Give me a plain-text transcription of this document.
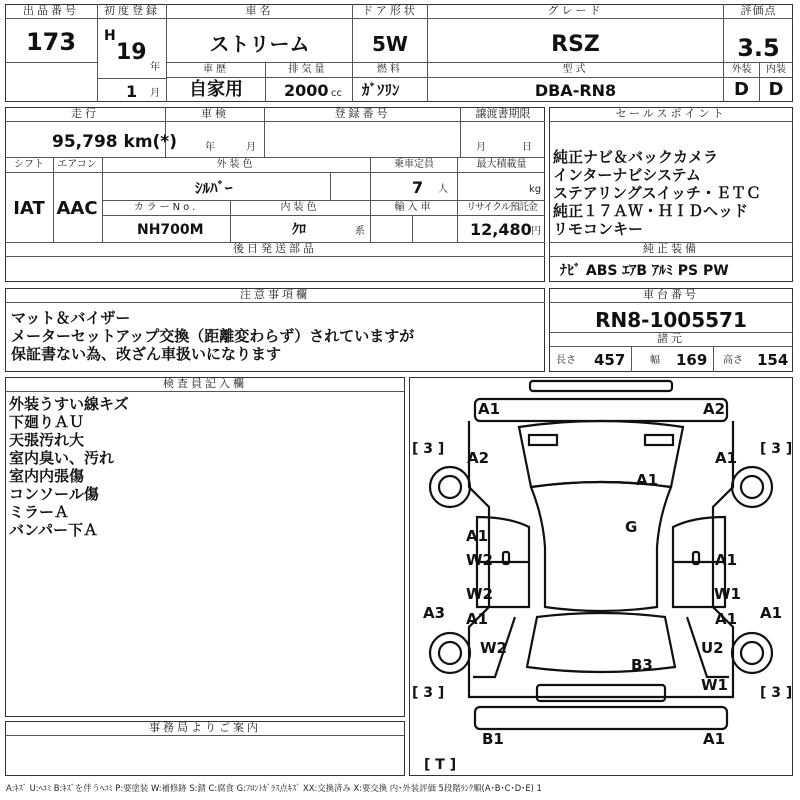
出品番号
173
初度登録
H
19
年
1 月
車名
ストリーム
ドア形状
5W
グレード
RSZ
評価点
3.5
車歴
自家用
排気量
2000 cc
燃料
ｶﾞｿﾘﾝ
型式
DBA-RN8
外装	内装
D	D
走行
95,798 km(*)
車検
年	月
登録番号	譲渡書期限
月	日
シフト	エアコン
IAT AAC
外装色
ｼﾙﾊﾞｰ
乗車定員
7 人
最大積載量
kg
カラーNo.	内装色	輸入車	リサイクル預託金
NH700M	ｸﾛ	系	12,480 円
後日発送部品
セールスポイント
純正ナビ＆バックカメラ
インターナビシステム
ステアリングスイッチ・ＥＴＣ
純正１７ＡＷ・ＨＩＤヘッド
リモコンキー
純正装備
ﾅﾋﾞ ABS ｴｱB ｱﾙﾐ PS PW
注意事項欄
マット＆バイザー
メーターセットアップ交換（距離変わらず）されていますが
保証書ない為、改ざん車扱いになります
車台番号
RN8-1005571
諸元
長さ 457 幅 169 高さ 154
検査員記入欄
外装うすい線キズ
下廻りＡＵ
天張汚れ大
室内臭い、汚れ
室内内張傷
コンソール傷
ミラーＡ
バンパー下Ａ
事務局よりご案内
A1	A2
A2	A1
A1
G
A1
W2	A1
W2	W1
A1
A3	A1
W2	U2
B3
W1
B1	A1
A1
[ 3 ]	[ 3 ]
[ 3 ]	[ 3 ]
[ T ]
A:ｷｽﾞ U:ﾍｺﾐ B:ｷｽﾞを伴うﾍｺﾐ P:要塗装 W:補修跡 S:錆 C:腐食 G:ﾌﾛﾝﾄｶﾞﾗｽ点ｷｽﾞ XX:交換済み X:要交換 内･外装評価 5段階ﾗﾝｸ順(A･B･C･D･E) 1
